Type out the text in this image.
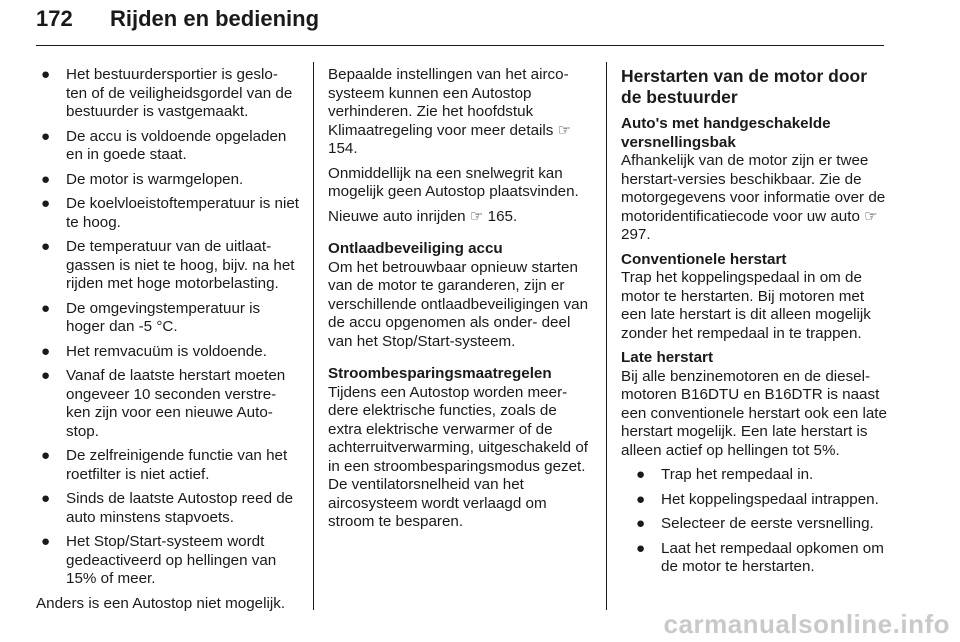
172 Rijden en bediening
● Het bestuurdersportier is geslo- ten of de veiligheidsgordel van de bestuurder is vastgemaakt.
● De accu is voldoende opgeladen en in goede staat.
● De motor is warmgelopen.
● De koelvloeistoftemperatuur is niet te hoog.
● De temperatuur van de uitlaat- gassen is niet te hoog, bijv. na het rijden met hoge motorbelasting.
● De omgevingstemperatuur is hoger dan -5 °C.
● Het remvacuüm is voldoende.
● Vanaf de laatste herstart moeten ongeveer 10 seconden verstre- ken zijn voor een nieuwe Auto- stop.
● De zelfreinigende functie van het roetfilter is niet actief.
● Sinds de laatste Autostop reed de auto minstens stapvoets.
● Het Stop/Start-systeem wordt gedeactiveerd op hellingen van 15% of meer.

Anders is een Autostop niet mogelijk.

Bepaalde instellingen van het airco- systeem kunnen een Autostop verhinderen. Zie het hoofdstuk Klimaatregeling voor meer details ☞ 154.

Onmiddellijk na een snelwegrit kan mogelijk geen Autostop plaatsvinden.

Nieuwe auto inrijden ☞ 165.

Ontlaadbeveiliging accu

Om het betrouwbaar opnieuw starten van de motor te garanderen, zijn er verschillende ontlaadbeveiligingen van de accu opgenomen als onder- deel van het Stop/Start-systeem.

Stroombesparingsmaatregelen

Tijdens een Autostop worden meer- dere elektrische functies, zoals de extra elektrische verwarmer of de achterruitverwarming, uitgeschakeld of in een stroombesparingsmodus gezet. De ventilatorsnelheid van het aircosysteem wordt verlaagd om stroom te besparen.

Herstarten van de motor door de bestuurder

Auto's met handgeschakelde versnellingsbak

Afhankelijk van de motor zijn er twee herstart-versies beschikbaar. Zie de motorgegevens voor informatie over de motoridentificatiecode voor uw auto ☞ 297.

Conventionele herstart

Trap het koppelingspedaal in om de motor te herstarten. Bij motoren met een late herstart is dit alleen mogelijk zonder het rempedaal in te trappen.

Late herstart

Bij alle benzinemotoren en de diesel- motoren B16DTU en B16DTR is naast een conventionele herstart ook een late herstart mogelijk. Een late herstart is alleen actief op hellingen tot 5%.

● Trap het rempedaal in.
● Het koppelingspedaal intrappen.
● Selecteer de eerste versnelling.
● Laat het rempedaal opkomen om de motor te herstarten.
carmanualsonline.info
